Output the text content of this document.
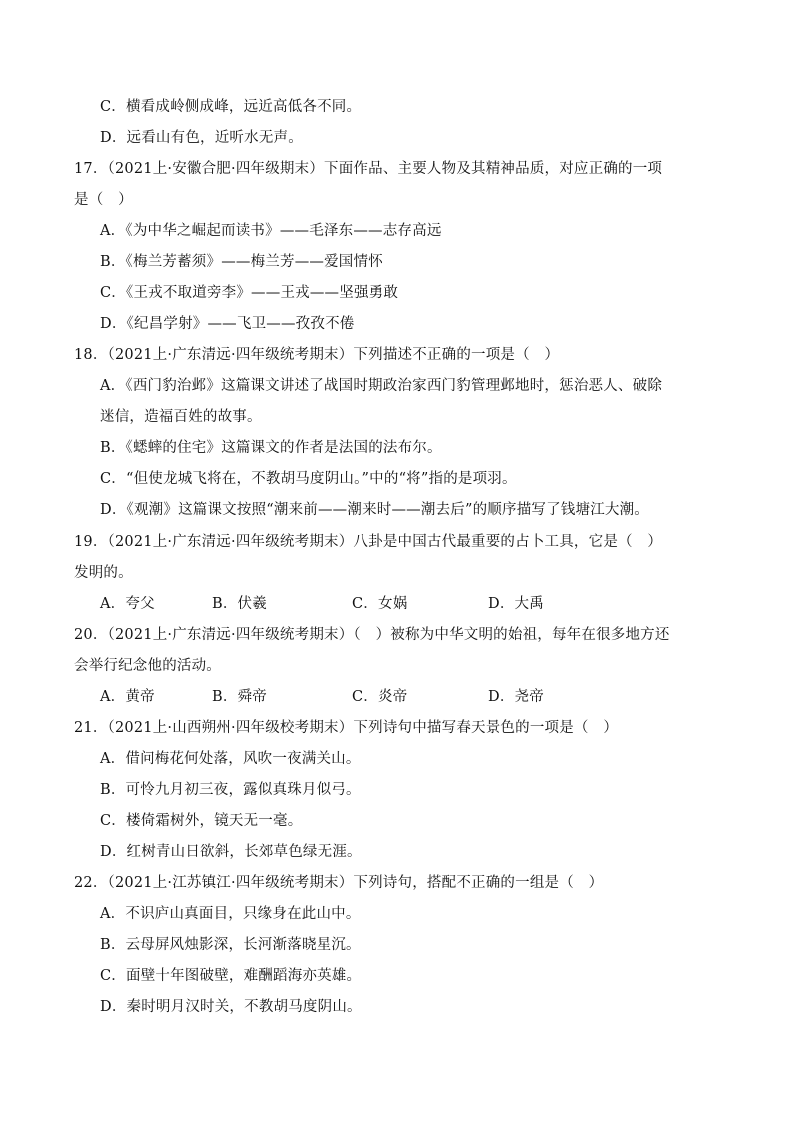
C．横看成岭侧成峰，远近高低各不同。
D．远看山有色，近听水无声。
17．（2021上·安徽合肥·四年级期末）下面作品、主要人物及其精神品质，对应正确的一项
是（　）
A．《为中华之崛起而读书》——毛泽东——志存高远
B．《梅兰芳蓄须》——梅兰芳——爱国情怀
C．《王戎不取道旁李》——王戎——坚强勇敢
D．《纪昌学射》——飞卫——孜孜不倦
18．（2021上·广东清远·四年级统考期末）下列描述不正确的一项是（　）
A．《西门豹治邺》这篇课文讲述了战国时期政治家西门豹管理邺地时，惩治恶人、破除
迷信，造福百姓的故事。
B．《蟋蟀的住宅》这篇课文的作者是法国的法布尔。
C．“但使龙城飞将在，不教胡马度阴山。”中的“将”指的是项羽。
D．《观潮》这篇课文按照“潮来前——潮来时——潮去后”的顺序描写了钱塘江大潮。
19．（2021上·广东清远·四年级统考期末）八卦是中国古代最重要的占卜工具，它是（　）
发明的。
A．夸父	B．伏羲	C．女娲	D．大禹
20．（2021上·广东清远·四年级统考期末）（　）被称为中华文明的始祖，每年在很多地方还
会举行纪念他的活动。
A．黄帝	B．舜帝	C．炎帝	D．尧帝
21．（2021上·山西朔州·四年级校考期末）下列诗句中描写春天景色的一项是（　）
A．借问梅花何处落，风吹一夜满关山。
B．可怜九月初三夜，露似真珠月似弓。
C．楼倚霜树外，镜天无一毫。
D．红树青山日欲斜，长郊草色绿无涯。
22．（2021上·江苏镇江·四年级统考期末）下列诗句，搭配不正确的一组是（　）
A．不识庐山真面目，只缘身在此山中。
B．云母屏风烛影深，长河渐落晓星沉。
C．面壁十年图破壁，难酬蹈海亦英雄。
D．秦时明月汉时关，不教胡马度阴山。
